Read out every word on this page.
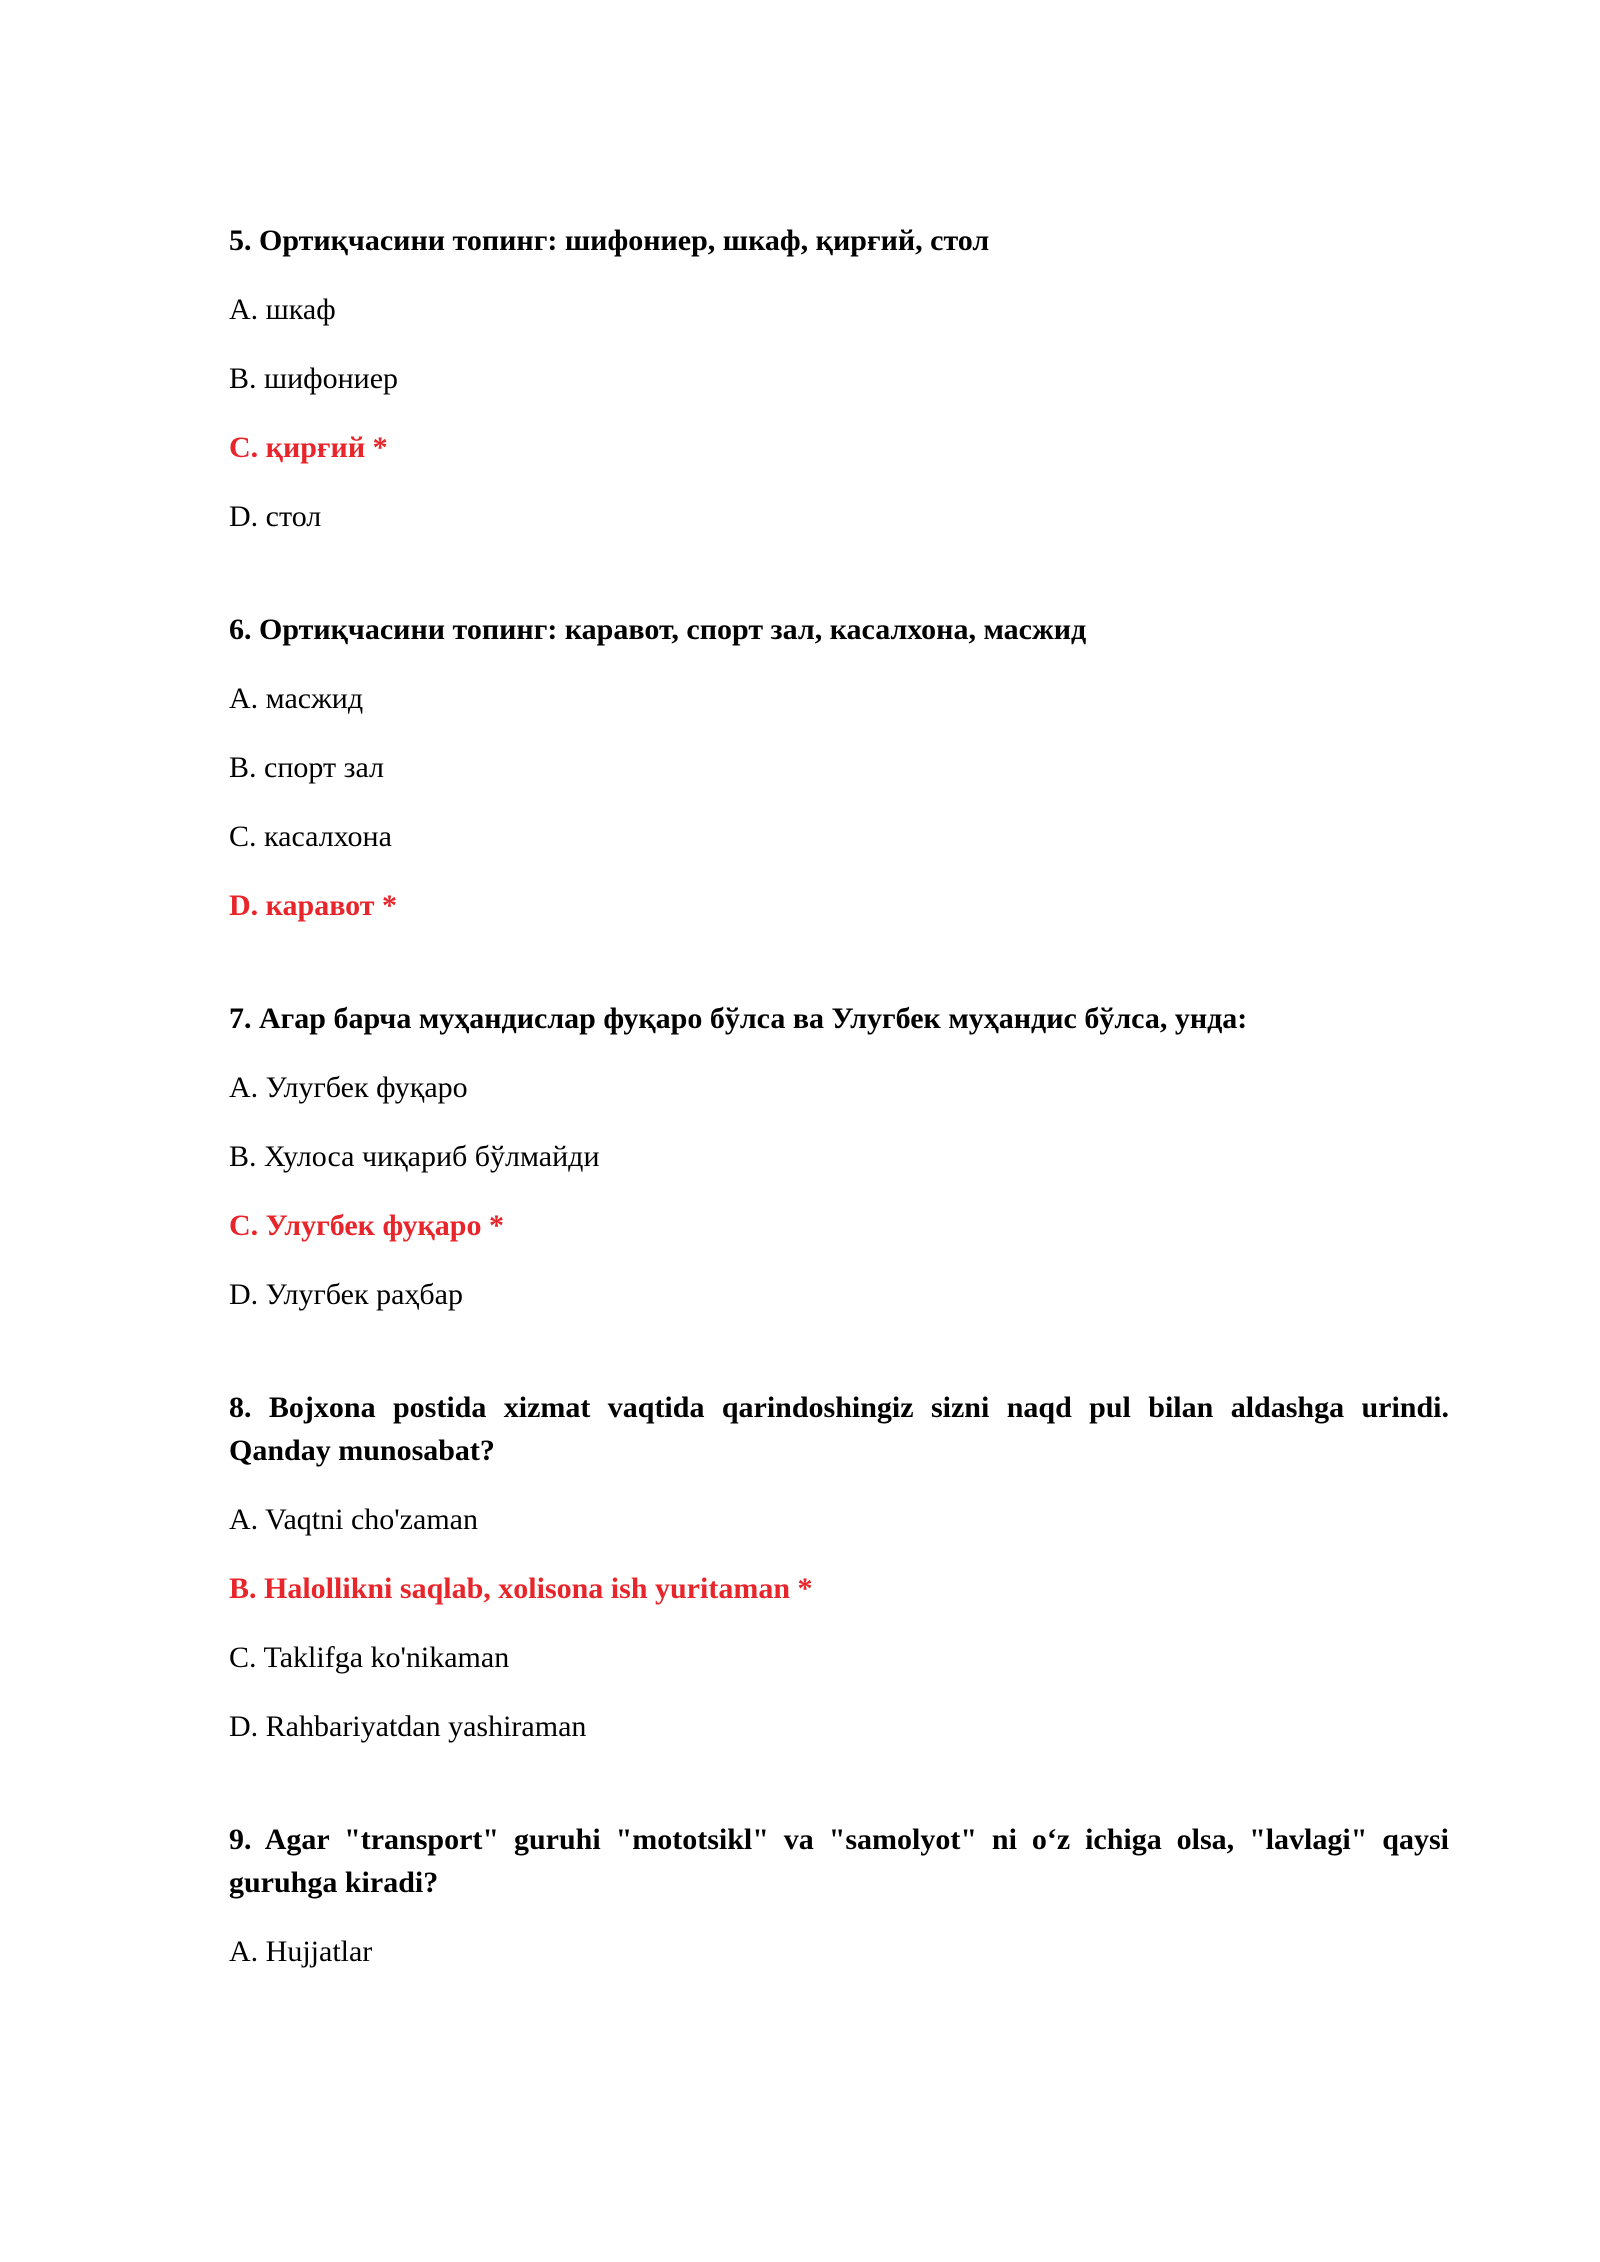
5. Ортиқчасини топинг: шифониер, шкаф, қирғий, стол

A. шкаф
B. шифониер
C. қирғий *
D. стол

6. Ортиқчасини топинг: каравот, спорт зал, касалхона, масжид

A. масжид
B. спорт зал
C. касалхона
D. каравот *

7. Агар барча муҳандислар фуқаро бўлса ва Улугбек муҳандис бўлса, унда:

A. Улугбек фуқаро
B. Хулоса чиқариб бўлмайди
C. Улугбек фуқаро *
D. Улугбек раҳбар

8. Bojxona postida xizmat vaqtida qarindoshingiz sizni naqd pul bilan aldashga urindi. Qanday munosabat?

A. Vaqtni cho'zaman
B. Halollikni saqlab, xolisona ish yuritaman *
C. Taklifga ko'nikaman
D. Rahbariyatdan yashiraman

9. Agar "transport" guruhi "mototsikl" va "samolyot" ni o‘z ichiga olsa, "lavlagi" qaysi guruhga kiradi?

A. Hujjatlar
